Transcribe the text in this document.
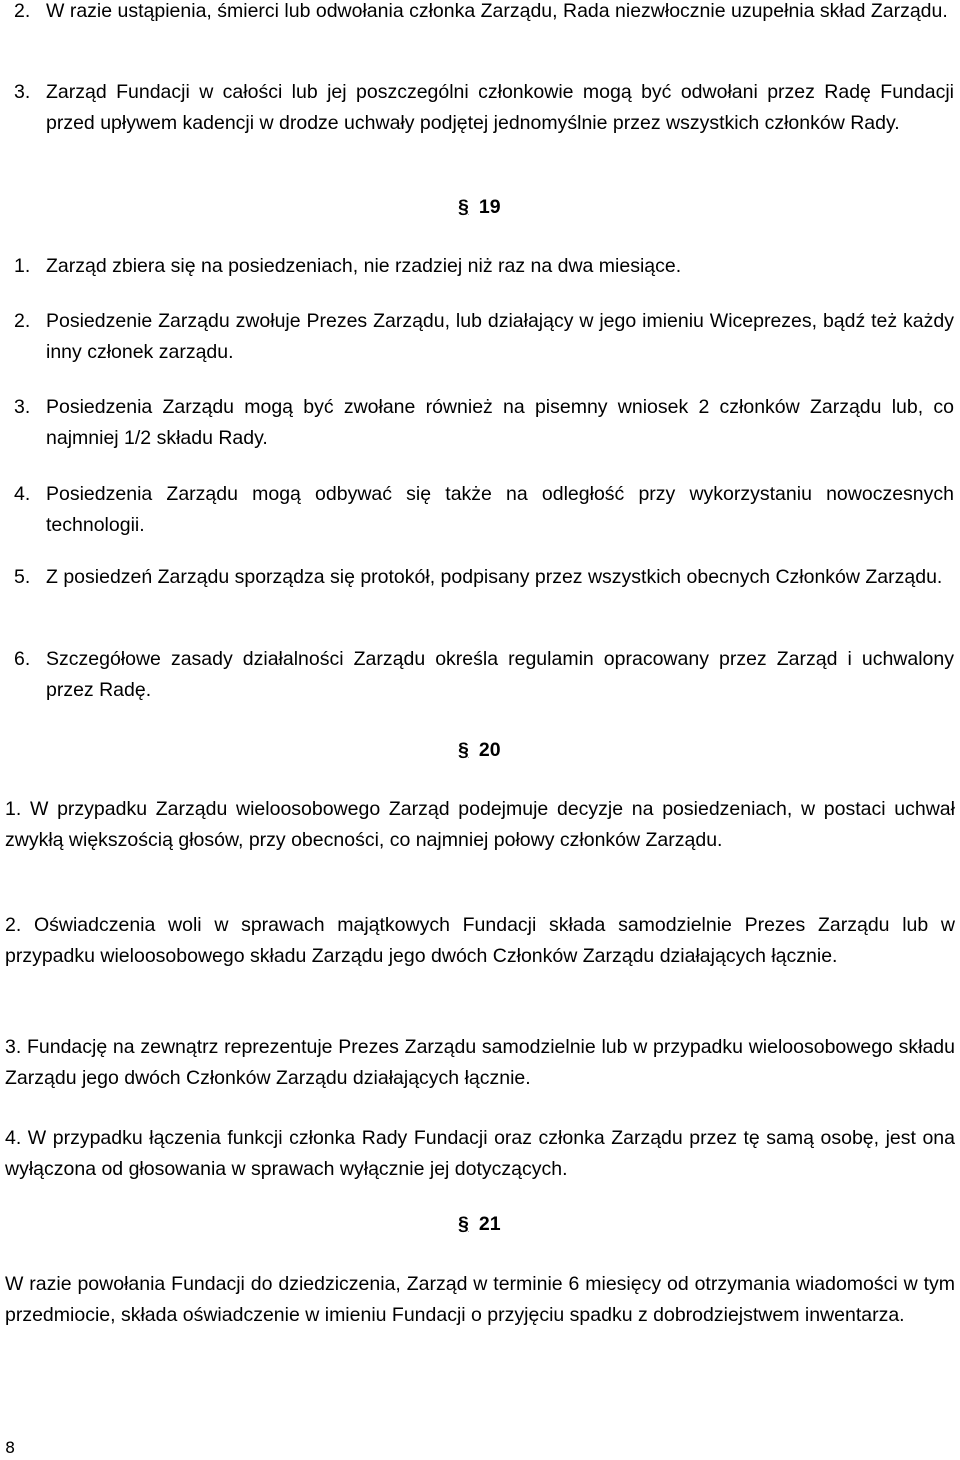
2. W razie ustąpienia, śmierci lub odwołania członka Zarządu, Rada niezwłocznie uzupełnia skład Zarządu.

3. Zarząd Fundacji w całości lub jej poszczególni członkowie mogą być odwołani przez Radę Fundacji przed upływem kadencji w drodze uchwały podjętej jednomyślnie przez wszystkich członków Rady.

§ 19

1. Zarząd zbiera się na posiedzeniach, nie rzadziej niż raz na dwa miesiące.

2. Posiedzenie Zarządu zwołuje Prezes Zarządu, lub działający w jego imieniu Wiceprezes, bądź też każdy inny członek zarządu.

3. Posiedzenia Zarządu mogą być zwołane również na pisemny wniosek 2 członków Zarządu lub, co najmniej 1/2 składu Rady.

4. Posiedzenia Zarządu mogą odbywać się także na odległość przy wykorzystaniu nowoczesnych technologii.

5. Z posiedzeń Zarządu sporządza się protokół, podpisany przez wszystkich obecnych Członków Zarządu.

6. Szczegółowe zasady działalności Zarządu określa regulamin opracowany przez Zarząd i uchwalony przez Radę.

§ 20

1. W przypadku Zarządu wieloosobowego Zarząd podejmuje decyzje na posiedzeniach, w postaci uchwał zwykłą większością głosów, przy obecności, co najmniej połowy członków Zarządu.

2. Oświadczenia woli w sprawach majątkowych Fundacji składa samodzielnie Prezes Zarządu lub w przypadku wieloosobowego składu Zarządu jego dwóch Członków Zarządu działających łącznie.

3. Fundację na zewnątrz reprezentuje Prezes Zarządu samodzielnie lub w przypadku wieloosobowego składu Zarządu jego dwóch Członków Zarządu działających łącznie.

4. W przypadku łączenia funkcji członka Rady Fundacji oraz członka Zarządu przez tę samą osobę, jest ona wyłączona od głosowania w sprawach wyłącznie jej dotyczących.

§ 21

W razie powołania Fundacji do dziedziczenia, Zarząd w terminie 6 miesięcy od otrzymania wiadomości w tym przedmiocie, składa oświadczenie w imieniu Fundacji o przyjęciu spadku z dobrodziejstwem inwentarza.

8
